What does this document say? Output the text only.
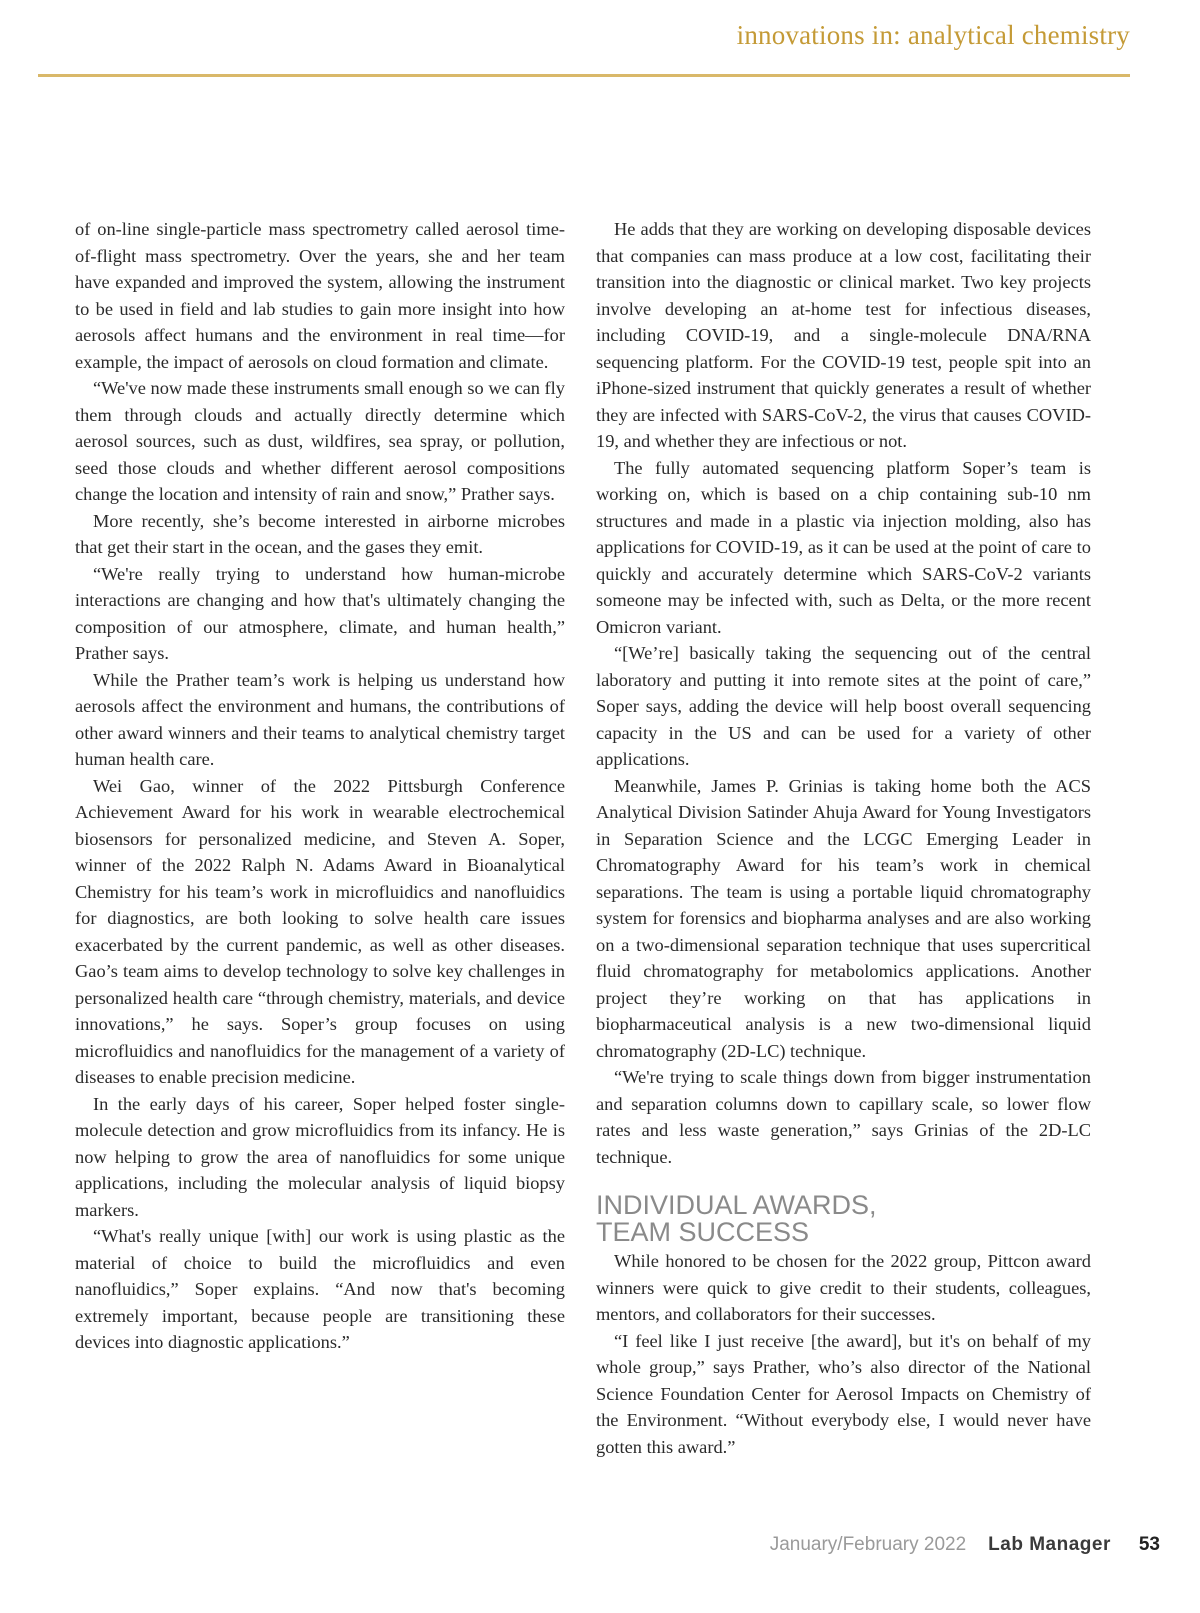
innovations in: analytical chemistry

of on-line single-particle mass spectrometry called aerosol time-of-flight mass spectrometry. Over the years, she and her team have expanded and improved the system, allowing the instrument to be used in field and lab studies to gain more insight into how aerosols affect humans and the environment in real time—for example, the impact of aerosols on cloud formation and climate.

“We've now made these instruments small enough so we can fly them through clouds and actually directly determine which aerosol sources, such as dust, wildfires, sea spray, or pollution, seed those clouds and whether different aerosol compositions change the location and intensity of rain and snow,” Prather says.

More recently, she’s become interested in airborne microbes that get their start in the ocean, and the gases they emit.

“We're really trying to understand how human-microbe interactions are changing and how that's ultimately changing the composition of our atmosphere, climate, and human health,” Prather says.

While the Prather team’s work is helping us understand how aerosols affect the environment and humans, the contributions of other award winners and their teams to analytical chemistry target human health care.

Wei Gao, winner of the 2022 Pittsburgh Conference Achievement Award for his work in wearable electrochemical biosensors for personalized medicine, and Steven A. Soper, winner of the 2022 Ralph N. Adams Award in Bioanalytical Chemistry for his team’s work in microfluidics and nanofluidics for diagnostics, are both looking to solve health care issues exacerbated by the current pandemic, as well as other diseases. Gao’s team aims to develop technology to solve key challenges in personalized health care “through chemistry, materials, and device innovations,” he says. Soper’s group focuses on using microfluidics and nanofluidics for the management of a variety of diseases to enable precision medicine.

In the early days of his career, Soper helped foster single-molecule detection and grow microfluidics from its infancy. He is now helping to grow the area of nanofluidics for some unique applications, including the molecular analysis of liquid biopsy markers.

“What's really unique [with] our work is using plastic as the material of choice to build the microfluidics and even nanofluidics,” Soper explains. “And now that's becoming extremely important, because people are transitioning these devices into diagnostic applications.”

He adds that they are working on developing disposable devices that companies can mass produce at a low cost, facilitating their transition into the diagnostic or clinical market. Two key projects involve developing an at-home test for infectious diseases, including COVID-19, and a single-molecule DNA/RNA sequencing platform. For the COVID-19 test, people spit into an iPhone-sized instrument that quickly generates a result of whether they are infected with SARS-CoV-2, the virus that causes COVID-19, and whether they are infectious or not.

The fully automated sequencing platform Soper’s team is working on, which is based on a chip containing sub-10 nm structures and made in a plastic via injection molding, also has applications for COVID-19, as it can be used at the point of care to quickly and accurately determine which SARS-CoV-2 variants someone may be infected with, such as Delta, or the more recent Omicron variant.

“[We’re] basically taking the sequencing out of the central laboratory and putting it into remote sites at the point of care,” Soper says, adding the device will help boost overall sequencing capacity in the US and can be used for a variety of other applications.

Meanwhile, James P. Grinias is taking home both the ACS Analytical Division Satinder Ahuja Award for Young Investigators in Separation Science and the LCGC Emerging Leader in Chromatography Award for his team’s work in chemical separations. The team is using a portable liquid chromatography system for forensics and biopharma analyses and are also working on a two-dimensional separation technique that uses supercritical fluid chromatography for metabolomics applications. Another project they’re working on that has applications in biopharmaceutical analysis is a new two-dimensional liquid chromatography (2D-LC) technique.

“We're trying to scale things down from bigger instrumentation and separation columns down to capillary scale, so lower flow rates and less waste generation,” says Grinias of the 2D-LC technique.

INDIVIDUAL AWARDS,
TEAM SUCCESS

While honored to be chosen for the 2022 group, Pittcon award winners were quick to give credit to their students, colleagues, mentors, and collaborators for their successes.

“I feel like I just receive [the award], but it's on behalf of my whole group,” says Prather, who’s also director of the National Science Foundation Center for Aerosol Impacts on Chemistry of the Environment. “Without everybody else, I would never have gotten this award.”

January/February 2022 Lab Manager 53
